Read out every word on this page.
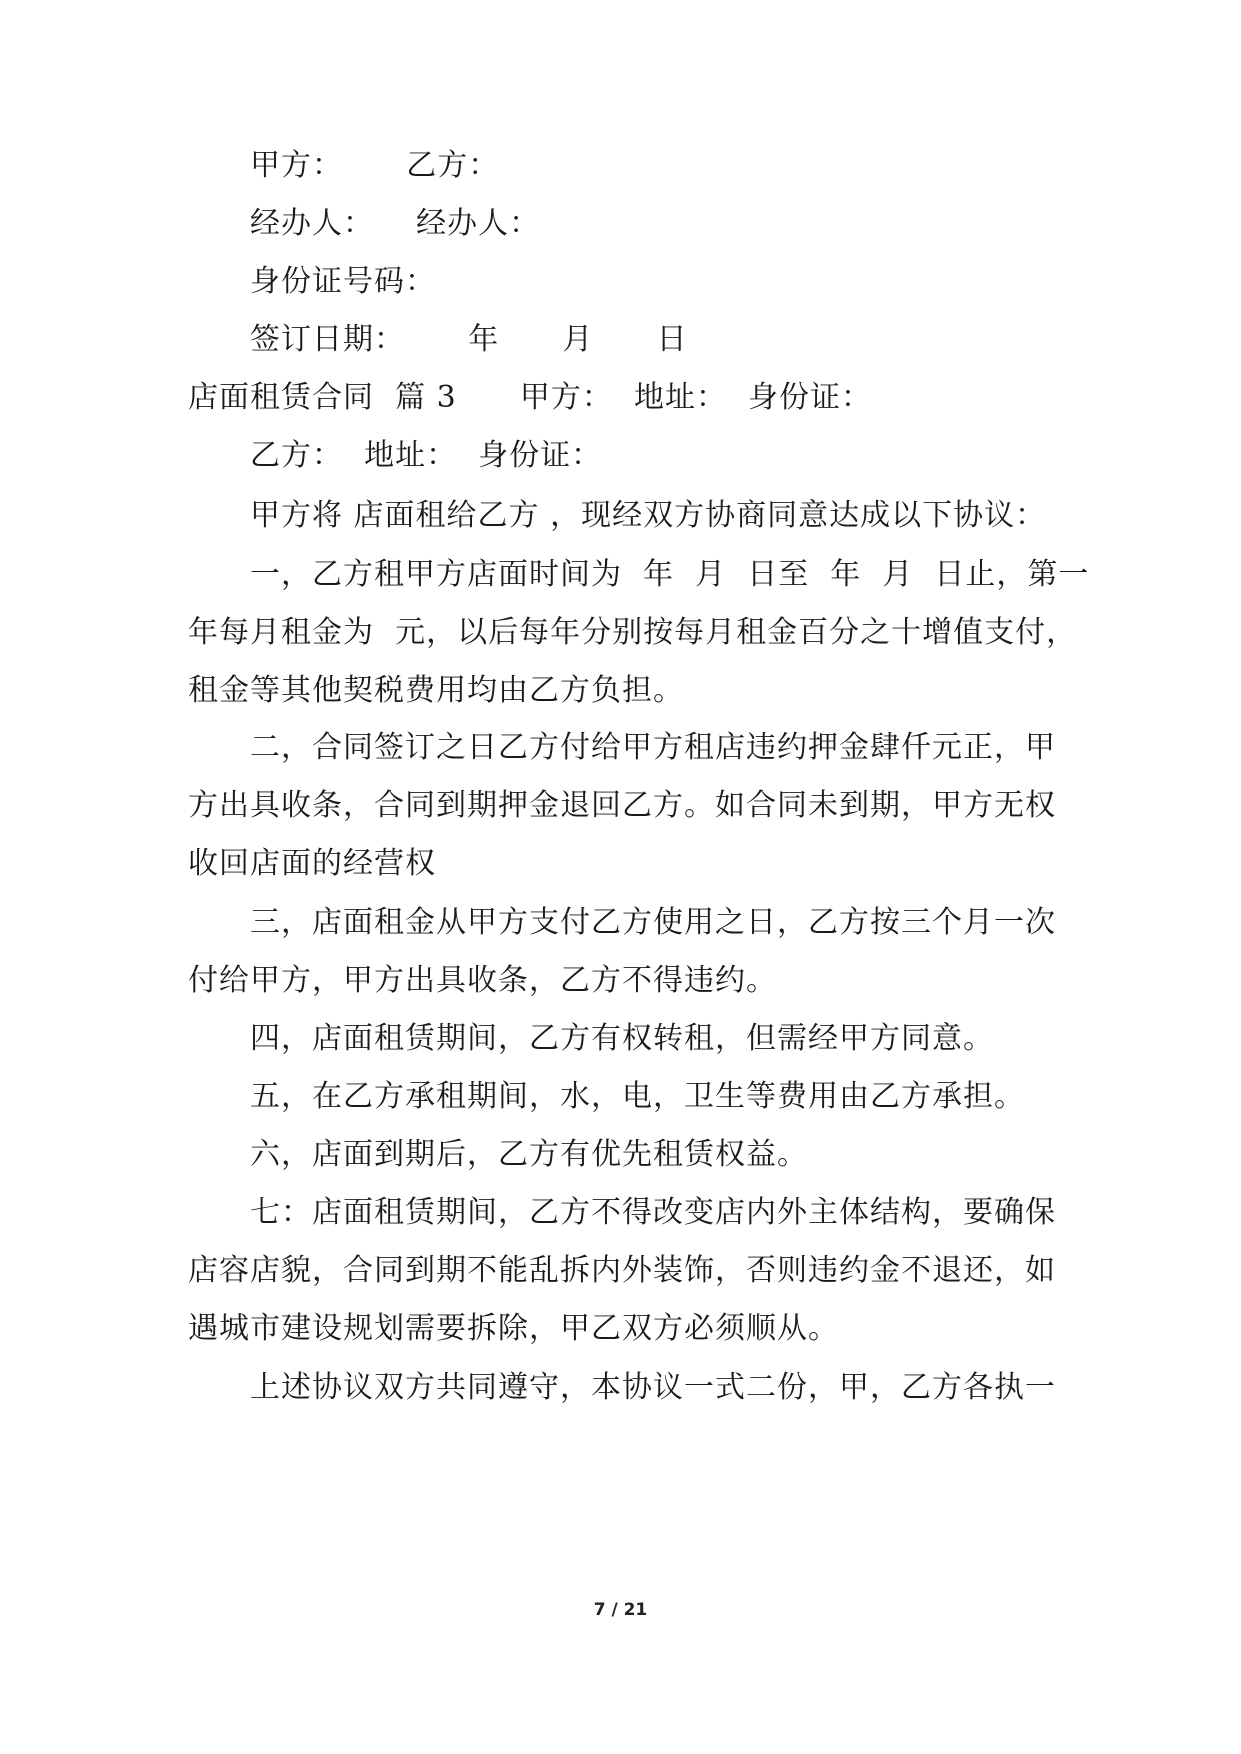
甲方：      乙方：
经办人：    经办人：
身份证号码：
签订日期：      年      月      日
店面租赁合同  篇 3      甲方：  地址：  身份证：
乙方：  地址：  身份证：
甲方将 店面租给乙方 ，现经双方协商同意达成以下协议：
一，乙方租甲方店面时间为  年  月  日至  年  月  日止，第一
年每月租金为  元，以后每年分别按每月租金百分之十增值支付，
租金等其他契税费用均由乙方负担。
二，合同签订之日乙方付给甲方租店违约押金肆仟元正，甲
方出具收条，合同到期押金退回乙方。如合同未到期，甲方无权
收回店面的经营权
三，店面租金从甲方支付乙方使用之日，乙方按三个月一次
付给甲方，甲方出具收条，乙方不得违约。
四，店面租赁期间，乙方有权转租，但需经甲方同意。
五，在乙方承租期间，水，电，卫生等费用由乙方承担。
六，店面到期后，乙方有优先租赁权益。
七：店面租赁期间，乙方不得改变店内外主体结构，要确保
店容店貌，合同到期不能乱拆内外装饰，否则违约金不退还，如
遇城市建设规划需要拆除，甲乙双方必须顺从。
上述协议双方共同遵守，本协议一式二份，甲，乙方各执一
7 / 21
